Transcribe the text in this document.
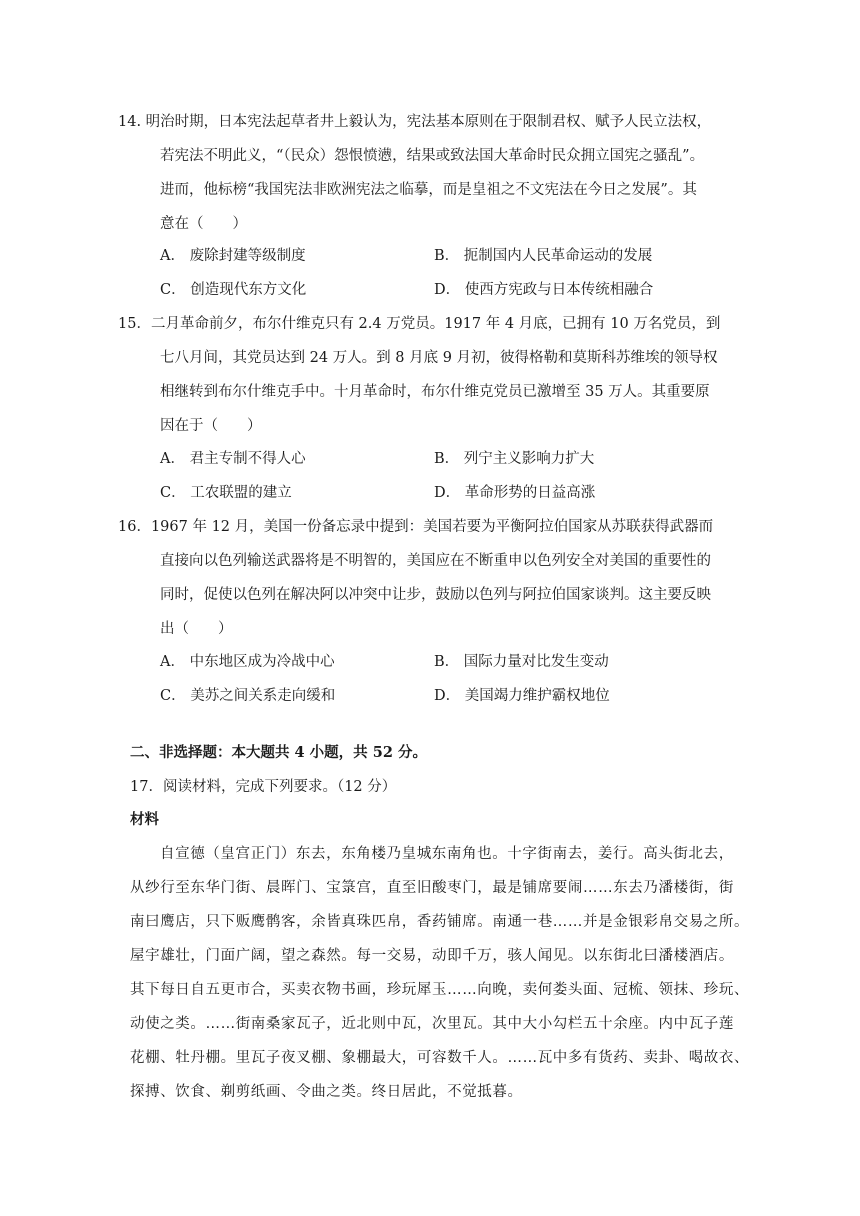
14. 明治时期，日本宪法起草者井上毅认为，宪法基本原则在于限制君权、赋予人民立法权，
若宪法不明此义，“（民众）怨恨愤懑，结果或致法国大革命时民众拥立国宪之骚乱”。
进而，他标榜“我国宪法非欧洲宪法之临摹，而是皇祖之不文宪法在今日之发展”。其
意在（　　）
A． 废除封建等级制度	B． 扼制国内人民革命运动的发展
C． 创造现代东方文化	D． 使西方宪政与日本传统相融合
15．二月革命前夕，布尔什维克只有 2.4 万党员。1917 年 4 月底，已拥有 10 万名党员，到
七八月间，其党员达到 24 万人。到 8 月底 9 月初，彼得格勒和莫斯科苏维埃的领导权
相继转到布尔什维克手中。十月革命时，布尔什维克党员已激增至 35 万人。其重要原
因在于（　　）
A． 君主专制不得人心	B． 列宁主义影响力扩大
C． 工农联盟的建立	D． 革命形势的日益高涨
16．1967 年 12 月，美国一份备忘录中提到：美国若要为平衡阿拉伯国家从苏联获得武器而
直接向以色列输送武器将是不明智的，美国应在不断重申以色列安全对美国的重要性的
同时，促使以色列在解决阿以冲突中让步，鼓励以色列与阿拉伯国家谈判。这主要反映
出（　　）
A． 中东地区成为冷战中心	B． 国际力量对比发生变动
C． 美苏之间关系走向缓和	D． 美国竭力维护霸权地位
二、非选择题：本大题共 4 小题，共 52 分。
17．阅读材料，完成下列要求。（12 分）
材料
自宣德（皇宫正门）东去，东角楼乃皇城东南角也。十字街南去，姜行。高头街北去，
从纱行至东华门街、晨晖门、宝箓宫，直至旧酸枣门，最是铺席要闹……东去乃潘楼街，街
南曰鹰店，只下贩鹰鹘客，余皆真珠匹帛，香药铺席。南通一巷……并是金银彩帛交易之所。
屋宇雄壮，门面广阔，望之森然。每一交易，动即千万，骇人闻见。以东街北曰潘楼酒店。
其下每日自五更市合，买卖衣物书画，珍玩犀玉……向晚，卖何娄头面、冠梳、领抹、珍玩、
动使之类。……街南桑家瓦子，近北则中瓦，次里瓦。其中大小勾栏五十余座。内中瓦子莲
花棚、牡丹棚。里瓦子夜叉棚、象棚最大，可容数千人。……瓦中多有货药、卖卦、喝故衣、
探搏、饮食、剃剪纸画、令曲之类。终日居此，不觉抵暮。
